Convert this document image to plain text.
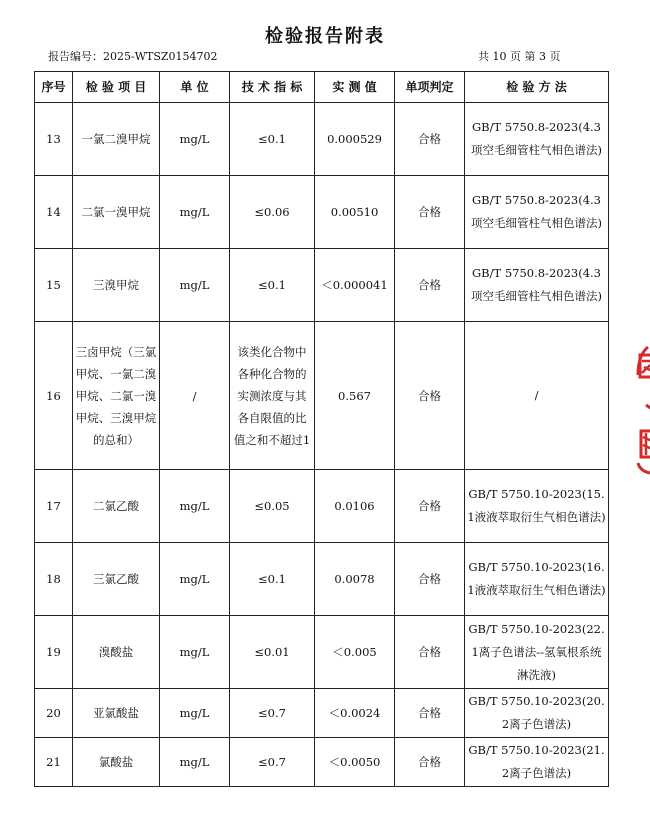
检验报告附表
报告编号：2025-WTSZ0154702	共 10 页 第 3 页
序号	检 验 项 目	单 位	技 术 指 标	实 测 值	单项判定	检 验 方 法
13	一氯二溴甲烷	mg/L	≤0.1	0.000529	合格	GB/T 5750.8-2023(4.3项空毛细管柱气相色谱法)
14	二氯一溴甲烷	mg/L	≤0.06	0.00510	合格	GB/T 5750.8-2023(4.3项空毛细管柱气相色谱法)
15	三溴甲烷	mg/L	≤0.1	＜0.000041	合格	GB/T 5750.8-2023(4.3项空毛细管柱气相色谱法)
16	三卤甲烷（三氯甲烷、一氯二溴甲烷、二氯一溴甲烷、三溴甲烷的总和）	/	该类化合物中各种化合物的实测浓度与其各自限值的比值之和不超过1	0.567	合格	/
17	二氯乙酸	mg/L	≤0.05	0.0106	合格	GB/T 5750.10-2023(15.1液液萃取衍生气相色谱法)
18	三氯乙酸	mg/L	≤0.1	0.0078	合格	GB/T 5750.10-2023(16.1液液萃取衍生气相色谱法)
19	溴酸盐	mg/L	≤0.01	＜0.005	合格	GB/T 5750.10-2023(22.1离子色谱法--氢氧根系统淋洗液)
20	亚氯酸盐	mg/L	≤0.7	＜0.0024	合格	GB/T 5750.10-2023(20.2离子色谱法)
21	氯酸盐	mg/L	≤0.7	＜0.0050	合格	GB/T 5750.10-2023(21.2离子色谱法)
